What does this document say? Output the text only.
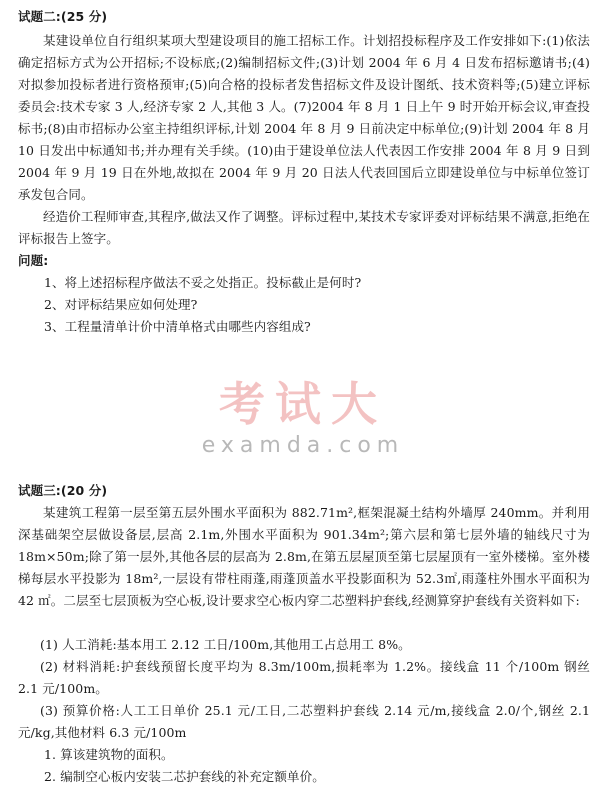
试题二:(25 分)
某建设单位自行组织某项大型建设项目的施工招标工作。计划招投标程序及工作安排如下:(1)依法确定招标方式为公开招标;不设标底;(2)编制招标文件;(3)计划 2004 年 6 月 4 日发布招标邀请书;(4)对拟参加投标者进行资格预审;(5)向合格的投标者发售招标文件及设计图纸、技术资料等;(5)建立评标委员会:技术专家 3 人,经济专家 2 人,其他 3 人。(7)2004 年 8 月 1 日上午 9 时开始开标会议,审查投标书;(8)由市招标办公室主持组织评标,计划 2004 年 8 月 9 日前决定中标单位;(9)计划 2004 年 8 月 10 日发出中标通知书;并办理有关手续。(10)由于建设单位法人代表因工作安排 2004 年 8 月 9 日到 2004 年 9 月 19 日在外地,故拟在 2004 年 9 月 20 日法人代表回国后立即建设单位与中标单位签订承发包合同。
经造价工程师审查,其程序,做法又作了调整。评标过程中,某技术专家评委对评标结果不满意,拒绝在评标报告上签字。
问题:
1、将上述招标程序做法不妥之处指正。投标截止是何时?
2、对评标结果应如何处理?
3、工程量清单计价中清单格式由哪些内容组成?
考试大
examda.com
试题三:(20 分)
某建筑工程第一层至第五层外围水平面积为 882.71m²,框架混凝土结构外墙厚 240mm。并利用深基础架空层做设备层,层高 2.1m,外围水平面积为 901.34m²;第六层和第七层外墙的轴线尺寸为 18m×50m;除了第一层外,其他各层的层高为 2.8m,在第五层屋顶至第七层屋顶有一室外楼梯。室外楼梯每层水平投影为 18m²,一层设有带柱雨蓬,雨蓬顶盖水平投影面积为 52.3㎡,雨蓬柱外围水平面积为 42 ㎡。二层至七层顶板为空心板,设计要求空心板内穿二芯塑料护套线,经测算穿护套线有关资料如下:
(1) 人工消耗:基本用工 2.12 工日/100m,其他用工占总用工 8%。
(2) 材料消耗:护套线预留长度平均为 8.3m/100m,损耗率为 1.2%。接线盒 11 个/100m 钢丝 2.1 元/100m。
(3) 预算价格:人工工日单价 25.1 元/工日,二芯塑料护套线 2.14 元/m,接线盒 2.0/个,钢丝 2.1 元/kg,其他材料 6.3 元/100m
1. 算该建筑物的面积。
2. 编制空心板内安装二芯护套线的补充定额单价。
